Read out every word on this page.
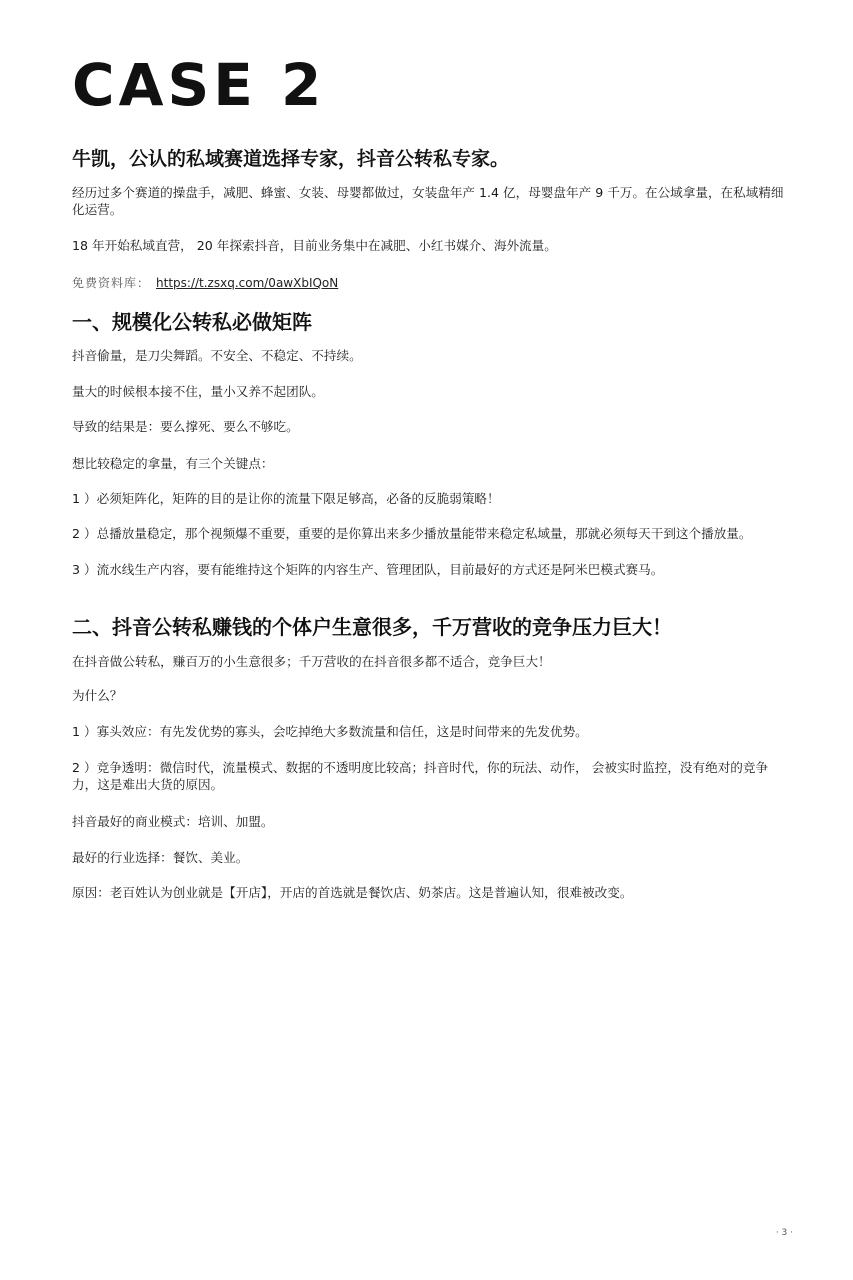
CASE 2
牛凯，公认的私域赛道选择专家，抖音公转私专家。
经历过多个赛道的操盘手，减肥、蜂蜜、女装、母婴都做过，女装盘年产 1.4 亿，母婴盘年产 9 千万。在公域拿量，在私域精细化运营。
18 年开始私域直营， 20 年探索抖音，目前业务集中在减肥、小红书媒介、海外流量。
免费资料库： https://t.zsxq.com/0awXbIQoN
一、规模化公转私必做矩阵
抖音偷量，是刀尖舞蹈。不安全、不稳定、不持续。
量大的时候根本接不住，量小又养不起团队。
导致的结果是：要么撑死、要么不够吃。
想比较稳定的拿量，有三个关键点：
1 ）必须矩阵化，矩阵的目的是让你的流量下限足够高，必备的反脆弱策略！
2 ）总播放量稳定，那个视频爆不重要，重要的是你算出来多少播放量能带来稳定私域量，那就必须每天干到这个播放量。
3 ）流水线生产内容，要有能维持这个矩阵的内容生产、管理团队，目前最好的方式还是阿米巴模式赛马。
二、抖音公转私赚钱的个体户生意很多，千万营收的竞争压力巨大！
在抖音做公转私，赚百万的小生意很多；千万营收的在抖音很多都不适合，竞争巨大！
为什么？
1 ）寡头效应：有先发优势的寡头，会吃掉绝大多数流量和信任，这是时间带来的先发优势。
2 ）竞争透明：微信时代，流量模式、数据的不透明度比较高；抖音时代，你的玩法、动作， 会被实时监控，没有绝对的竞争力，这是难出大货的原因。
抖音最好的商业模式：培训、加盟。
最好的行业选择：餐饮、美业。
原因：老百姓认为创业就是【开店】，开店的首选就是餐饮店、奶茶店。这是普遍认知，很难被改变。
· 3 ·
